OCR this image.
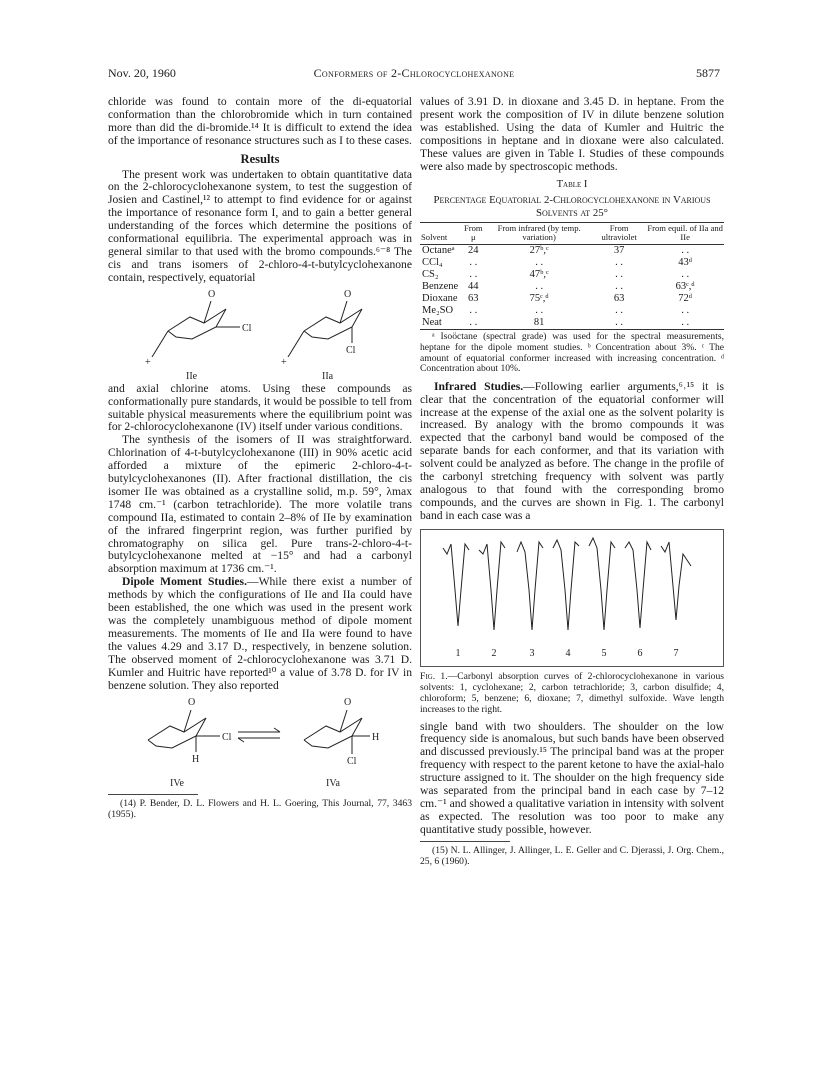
Nov. 20, 1960	Conformers of 2-Chlorocyclohexanone	5877

chloride was found to contain more of the di-equatorial conformation than the chlorobromide which in turn contained more than did the di-bromide.¹⁴ It is difficult to extend the idea of the importance of resonance structures such as I to these cases.

Results

The present work was undertaken to obtain quantitative data on the 2-chlorocyclohexanone system, to test the suggestion of Josien and Castinel,¹² to attempt to find evidence for or against the importance of resonance form I, and to gain a better general understanding of the forces which determine the positions of conformational equilibria. The experimental approach was in general similar to that used with the bromo compounds.⁶⁻⁸ The cis and trans isomers of 2-chloro-4-t-butylcyclohexanone contain, respectively, equatorial

O
Cl
+
IIe
O
Cl
+
IIa

and axial chlorine atoms. Using these compounds as conformationally pure standards, it would be possible to tell from suitable physical measurements where the equilibrium point was for 2-chlorocyclohexanone (IV) itself under various conditions.

The synthesis of the isomers of II was straightforward. Chlorination of 4-t-butylcyclohexanone (III) in 90% acetic acid afforded a mixture of the epimeric 2-chloro-4-t-butylcyclohexanones (II). After fractional distillation, the cis isomer IIe was obtained as a crystalline solid, m.p. 59°, λmax 1748 cm.⁻¹ (carbon tetrachloride). The more volatile trans compound IIa, estimated to contain 2–8% of IIe by examination of the infrared fingerprint region, was further purified by chromatography on silica gel. Pure trans-2-chloro-4-t-butylcyclohexanone melted at −15° and had a carbonyl absorption maximum at 1736 cm.⁻¹.

Dipole Moment Studies.—While there exist a number of methods by which the configurations of IIe and IIa could have been established, the one which was used in the present work was the completely unambiguous method of dipole moment measurements. The moments of IIe and IIa were found to have the values 4.29 and 3.17 D., respectively, in benzene solution. The observed moment of 2-chlorocyclohexanone was 3.71 D. Kumler and Huitric have reported¹⁰ a value of 3.78 D. for IV in benzene solution. They also reported

O
Cl
H
IVe
O
H
Cl
IVa

(14) P. Bender, D. L. Flowers and H. L. Goering, This Journal, 77, 3463 (1955).

values of 3.91 D. in dioxane and 3.45 D. in heptane. From the present work the composition of IV in dilute benzene solution was established. Using the data of Kumler and Huitric the compositions in heptane and in dioxane were also calculated. These values are given in Table I. Studies of these compounds were also made by spectroscopic methods.

Table I
Percentage Equatorial 2-Chlorocyclohexanone in Various Solvents at 25°
Solvent	From μ	From infrared (by temp. variation)	From ultraviolet	From equil. of IIa and IIe
Octaneᵃ	24	27ᵇ,ᶜ	37	. .
CCl₄	. .	. .	. .	43ᵈ
CS₂	. .	47ᵇ,ᶜ	. .	. .
Benzene	44	. .	. .	63ᶜ,ᵈ
Dioxane	63	75ᶜ,ᵈ	63	72ᵈ
Me₂SO	. .	. .	. .	. .
Neat	. .	81	. .	. .

ᵃ Isoöctane (spectral grade) was used for the spectral measurements, heptane for the dipole moment studies. ᵇ Concentration about 3%. ᶜ The amount of equatorial conformer increased with increasing concentration. ᵈ Concentration about 10%.

Infrared Studies.—Following earlier arguments,⁶˒¹⁵ it is clear that the concentration of the equatorial conformer will increase at the expense of the axial one as the solvent polarity is increased. By analogy with the bromo compounds it was expected that the carbonyl band would be composed of the separate bands for each conformer, and that its variation with solvent could be analyzed as before. The change in the profile of the carbonyl stretching frequency with solvent was partly analogous to that found with the corresponding bromo compounds, and the curves are shown in Fig. 1. The carbonyl band in each case was a

1	2	3	4	5	6	7

Fig. 1.—Carbonyl absorption curves of 2-chlorocyclohexanone in various solvents: 1, cyclohexane; 2, carbon tetrachloride; 3, carbon disulfide; 4, chloroform; 5, benzene; 6, dioxane; 7, dimethyl sulfoxide. Wave length increases to the right.

single band with two shoulders. The shoulder on the low frequency side is anomalous, but such bands have been observed and discussed previously.¹⁵ The principal band was at the proper frequency with respect to the parent ketone to have the axial-halo structure assigned to it. The shoulder on the high frequency side was separated from the principal band in each case by 7–12 cm.⁻¹ and showed a qualitative variation in intensity with solvent as expected. The resolution was too poor to make any quantitative study possible, however.

(15) N. L. Allinger, J. Allinger, L. E. Geller and C. Djerassi, J. Org. Chem., 25, 6 (1960).
